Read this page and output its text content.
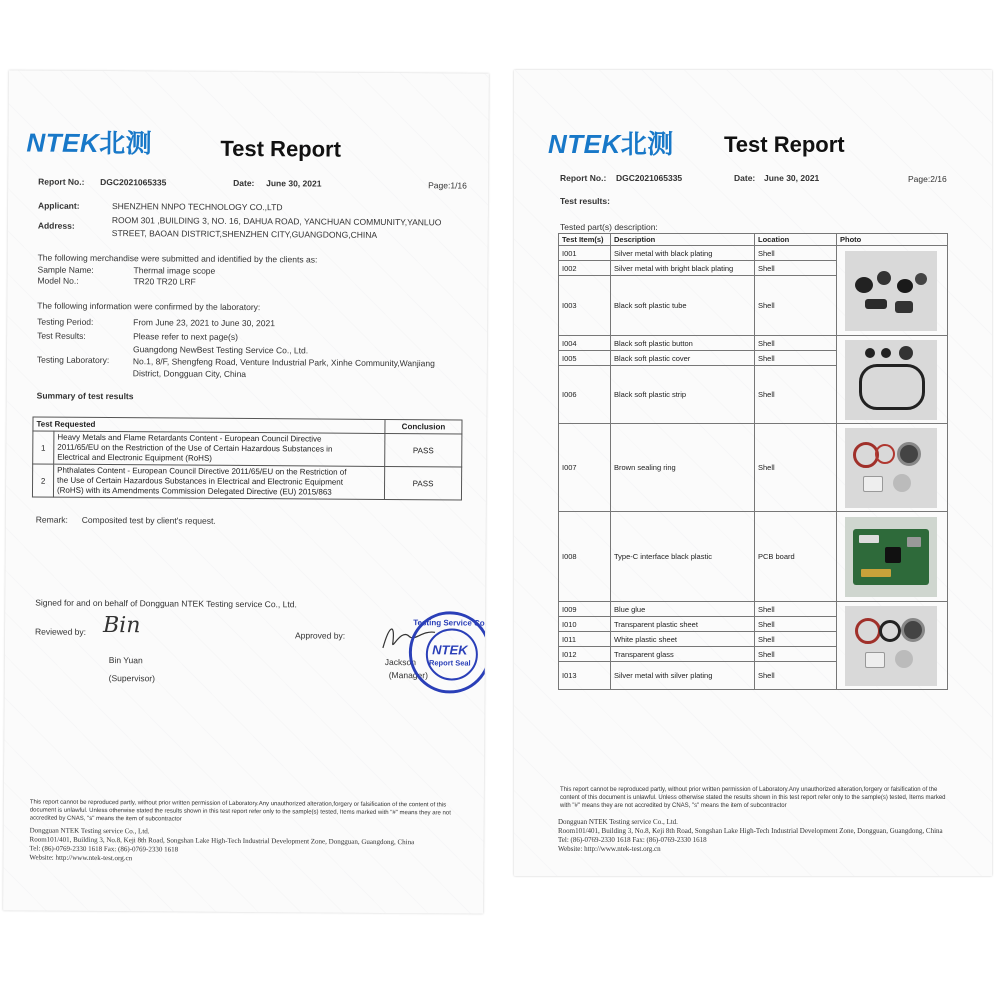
NTEK北测	Test Report
Report No.: DGC2021065335	Date: June 30, 2021	Page:1/16
Applicant:	SHENZHEN NNPO TECHNOLOGY CO.,LTD
Address:	ROOM 301 ,BUILDING 3, NO. 16, DAHUA ROAD, YANCHUAN COMMUNITY,YANLUO
STREET, BAOAN DISTRICT,SHENZHEN CITY,GUANGDONG,CHINA
The following merchandise were submitted and identified by the clients as:
Sample Name:	Thermal image scope
Model No.:	TR20 TR20 LRF
The following information were confirmed by the laboratory:
Testing Period:	From June 23, 2021 to June 30, 2021
Test Results:	Please refer to next page(s)
Guangdong NewBest Testing Service Co., Ltd.
Testing Laboratory:	No.1, 8/F, Shengfeng Road, Venture Industrial Park, Xinhe Community,Wanjiang
District, Dongguan City, China
Summary of test results
Test Requested		Conclusion
1	Heavy Metals and Flame Retardants Content - European Council Directive
2011/65/EU on the Restriction of the Use of Certain Hazardous Substances in
Electrical and Electronic Equipment (RoHS)	PASS
2	Phthalates Content - European Council Directive 2011/65/EU on the Restriction of
the Use of Certain Hazardous Substances in Electrical and Electronic Equipment
(RoHS) with its Amendments Commission Delegated Directive (EU) 2015/863	PASS
Remark: Composited test by client's request.
Signed for and on behalf of Dongguan NTEK Testing service Co., Ltd.
Reviewed by: Bin
Bin Yuan
(Supervisor)
Approved by:
Jackson
(Manager)
Testing Service Co.
NTEK
Report Seal
This report cannot be reproduced partly, without prior written permission of Laboratory.Any unauthorized alteration,forgery or falsification of the content of this document is unlawful. Unless otherwise stated the results shown in this test report refer only to the sample(s) tested, Items marked with "#" means they are not accredited by CNAS, "s" means the item of subcontractor
Dongguan NTEK Testing service Co., Ltd.
Room101/401, Building 3, No.8, Keji 8th Road, Songshan Lake High-Tech Industrial Development Zone, Dongguan, Guangdong, China
Tel: (86)-0769-2330 1618 Fax: (86)-0769-2330 1618
Website: http://www.ntek-test.org.cn
NTEK北测 Test Report
Report No.: DGC2021065335	Date: June 30, 2021	Page:2/16
Test results:
Tested part(s) description:
Test Item(s)	Description	Location	Photo
I001	Silver metal with black plating	Shell	

I002	Silver metal with bright black plating	Shell	
I003	Black soft plastic tube	Shell	
I004	Black soft plastic button	Shell	

I005	Black soft plastic cover	Shell	
I006	Black soft plastic strip	Shell	
I007	Brown sealing ring	Shell	

I008	Type-C interface black plastic	PCB board	

I009	Blue glue	Shell	

I010	Transparent plastic sheet	Shell	
I011	White plastic sheet	Shell	
I012	Transparent glass	Shell	
I013	Silver metal with silver plating	Shell	
This report cannot be reproduced partly, without prior written permission of Laboratory.Any unauthorized alteration,forgery or falsification of the content of this document is unlawful. Unless otherwise stated the results shown in this test report refer only to the sample(s) tested, Items marked with "#" means they are not accredited by CNAS, "s" means the item of subcontractor
Dongguan NTEK Testing service Co., Ltd.
Room101/401, Building 3, No.8, Keji 8th Road, Songshan Lake High-Tech Industrial Development Zone, Dongguan, Guangdong, China
Tel: (86)-0769-2330 1618 Fax: (86)-0769-2330 1618
Website: http://www.ntek-test.org.cn
